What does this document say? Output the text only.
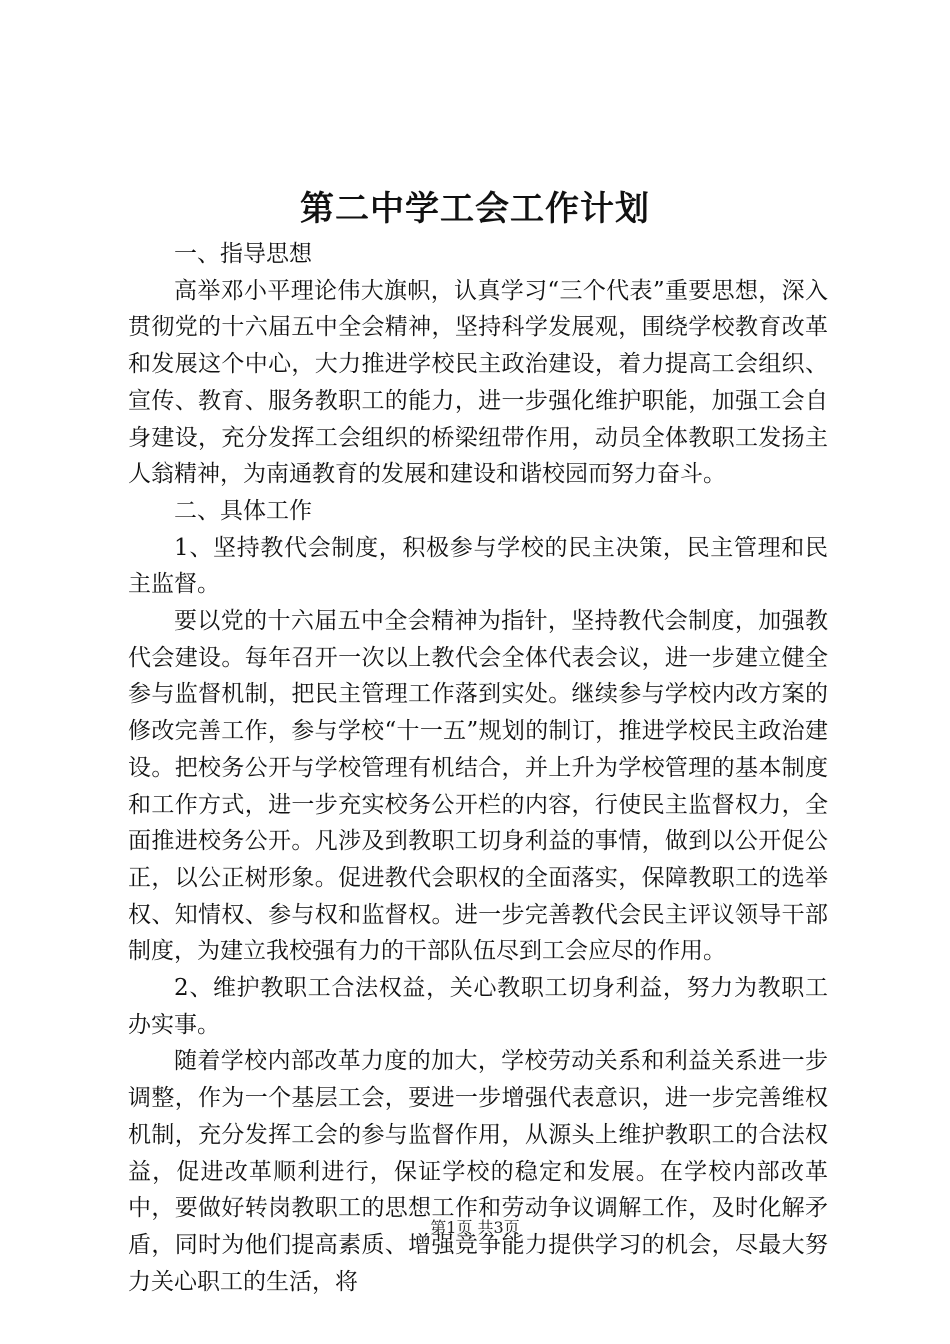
第二中学工会工作计划

一、指导思想

高举邓小平理论伟大旗帜，认真学习“三个代表”重要思想，深入贯彻党的十六届五中全会精神，坚持科学发展观，围绕学校教育改革和发展这个中心，大力推进学校民主政治建设，着力提高工会组织、宣传、教育、服务教职工的能力，进一步强化维护职能，加强工会自身建设，充分发挥工会组织的桥梁纽带作用，动员全体教职工发扬主人翁精神，为南通教育的发展和建设和谐校园而努力奋斗。

二、具体工作

1、坚持教代会制度，积极参与学校的民主决策，民主管理和民主监督。

要以党的十六届五中全会精神为指针，坚持教代会制度，加强教代会建设。每年召开一次以上教代会全体代表会议，进一步建立健全参与监督机制，把民主管理工作落到实处。继续参与学校内改方案的修改完善工作，参与学校“十一五”规划的制订，推进学校民主政治建设。把校务公开与学校管理有机结合，并上升为学校管理的基本制度和工作方式，进一步充实校务公开栏的内容，行使民主监督权力，全面推进校务公开。凡涉及到教职工切身利益的事情，做到以公开促公正，以公正树形象。促进教代会职权的全面落实，保障教职工的选举权、知情权、参与权和监督权。进一步完善教代会民主评议领导干部制度，为建立我校强有力的干部队伍尽到工会应尽的作用。

2、维护教职工合法权益，关心教职工切身利益，努力为教职工办实事。

随着学校内部改革力度的加大，学校劳动关系和利益关系进一步调整，作为一个基层工会，要进一步增强代表意识，进一步完善维权机制，充分发挥工会的参与监督作用，从源头上维护教职工的合法权益，促进改革顺利进行，保证学校的稳定和发展。在学校内部改革中，要做好转岗教职工的思想工作和劳动争议调解工作，及时化解矛盾，同时为他们提高素质、增强竞争能力提供学习的机会，尽最大努力关心职工的生活，将

第1页 共3页
